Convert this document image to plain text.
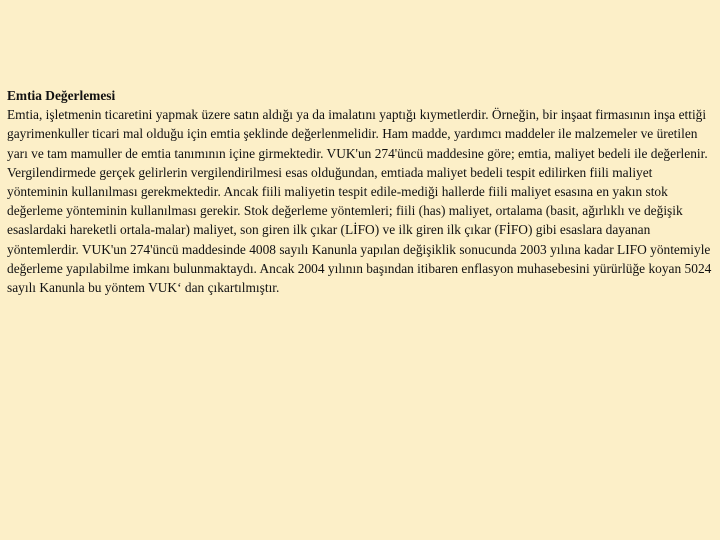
Emtia Değerlemesi

Emtia, işletmenin ticaretini yapmak üzere satın aldığı ya da imalatını yaptığı kıymetlerdir. Örneğin, bir inşaat firmasının inşa ettiği gayrimenkuller ticari mal olduğu için emtia şeklinde değerlenmelidir. Ham madde, yardımcı maddeler ile malzemeler ve üretilen yarı ve tam mamuller de emtia tanımının içine girmektedir. VUK'un 274'üncü maddesine göre; emtia, maliyet bedeli ile değerlenir.

Vergilendirmede gerçek gelirlerin vergilendirilmesi esas olduğundan, emtiada maliyet bedeli tespit edilirken fiili maliyet yönteminin kullanılması gerekmektedir. Ancak fiili maliyetin tespit edile-mediği hallerde fiili maliyet esasına en yakın stok değerleme yönteminin kullanılması gerekir. Stok değerleme yöntemleri; fiili (has) maliyet, ortalama (basit, ağırlıklı ve değişik esaslardaki hareketli ortala-malar) maliyet, son giren ilk çıkar (LİFO) ve ilk giren ilk çıkar (FİFO) gibi esaslara dayanan yöntemlerdir. VUK'un 274'üncü maddesinde 4008 sayılı Kanunla yapılan değişiklik sonucunda 2003 yılına kadar LIFO yöntemiyle değerleme yapılabilme imkanı bulunmaktaydı. Ancak 2004 yılının başından itibaren enflasyon muhasebesini yürürlüğe koyan 5024 sayılı Kanunla bu yöntem VUK‘ dan çıkartılmıştır.
